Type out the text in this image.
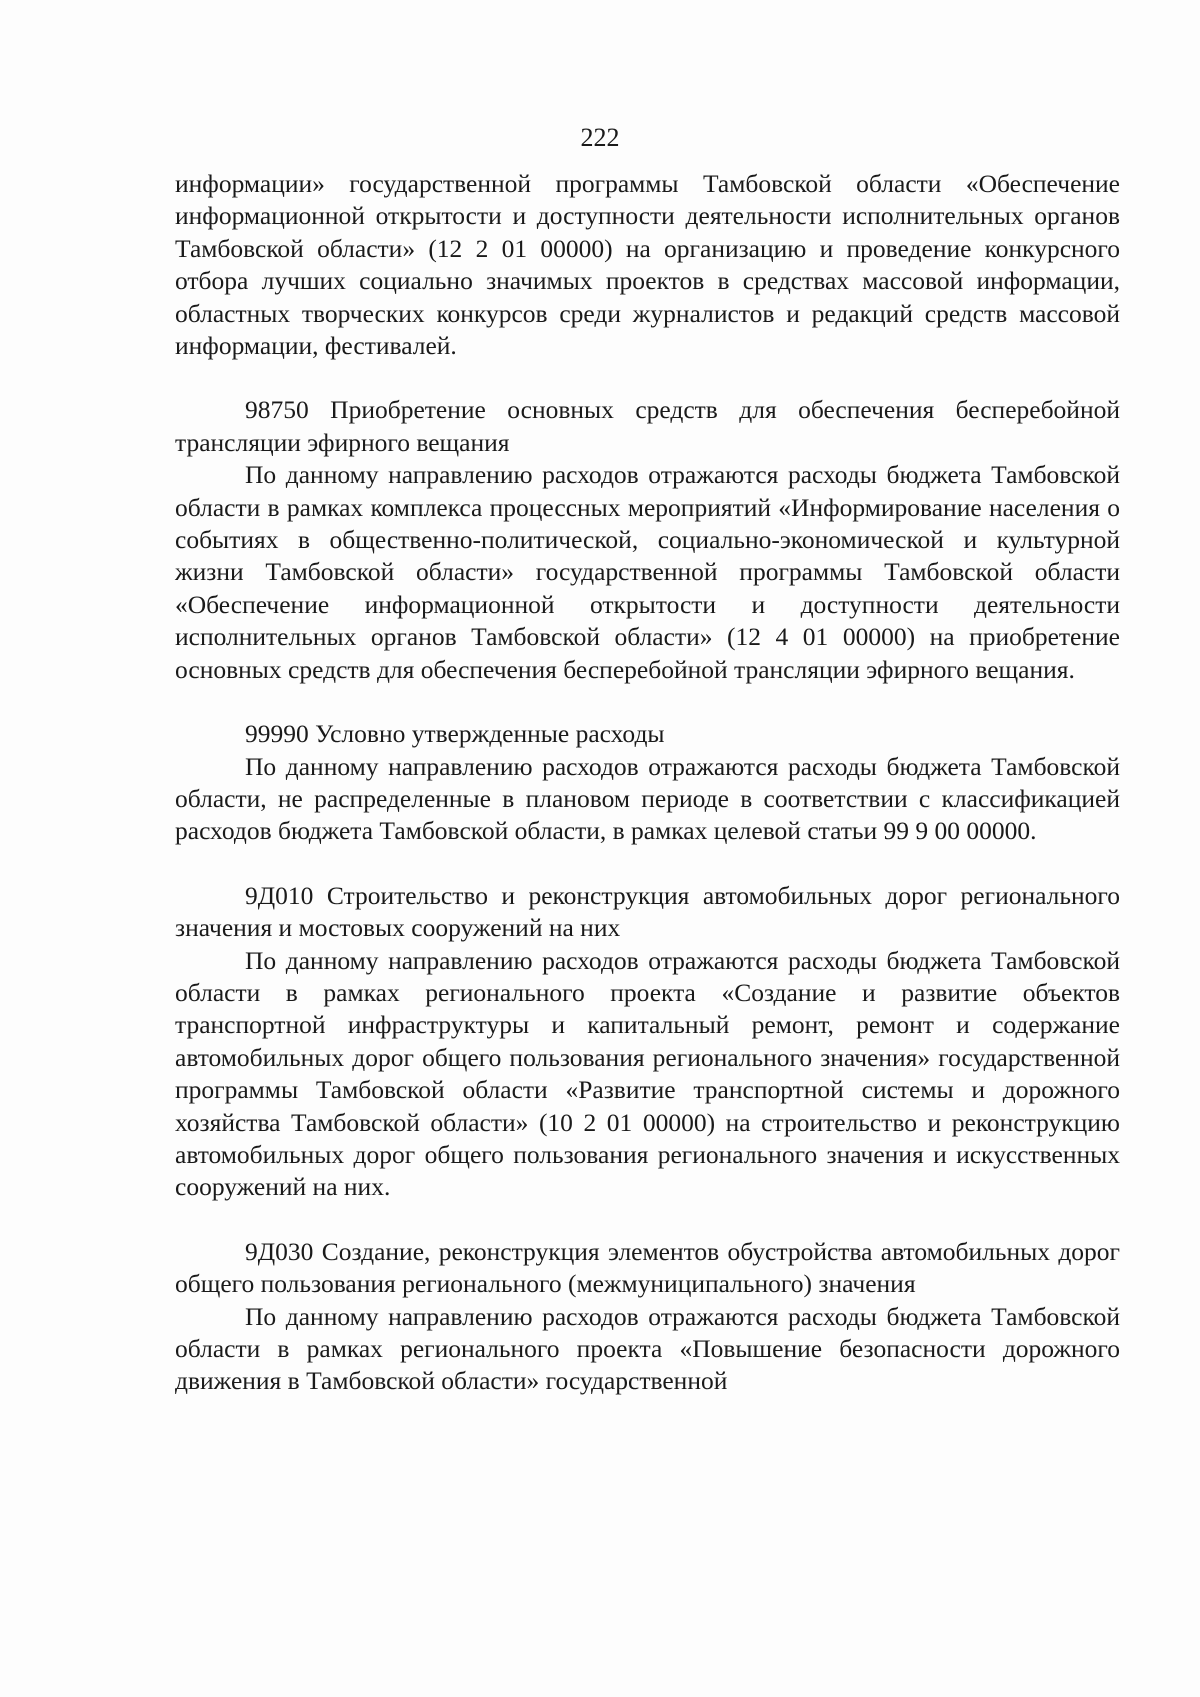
222

информации» государственной программы Тамбовской области «Обеспечение информационной открытости и доступности деятельности исполнительных органов Тамбовской области» (12 2 01 00000) на организацию и проведение конкурсного отбора лучших социально значимых проектов в средствах массовой информации, областных творческих конкурсов среди журналистов и редакций средств массовой информации, фестивалей.

98750 Приобретение основных средств для обеспечения бесперебойной трансляции эфирного вещания

По данному направлению расходов отражаются расходы бюджета Тамбовской области в рамках комплекса процессных мероприятий «Информирование населения о событиях в общественно-политической, социально-экономической и культурной жизни Тамбовской области» государственной программы Тамбовской области «Обеспечение информационной открытости и доступности деятельности исполнительных органов Тамбовской области» (12 4 01 00000) на приобретение основных средств для обеспечения бесперебойной трансляции эфирного вещания.

99990 Условно утвержденные расходы

По данному направлению расходов отражаются расходы бюджета Тамбовской области, не распределенные в плановом периоде в соответствии с классификацией расходов бюджета Тамбовской области, в рамках целевой статьи 99 9 00 00000.

9Д010 Строительство и реконструкция автомобильных дорог регионального значения и мостовых сооружений на них

По данному направлению расходов отражаются расходы бюджета Тамбовской области в рамках регионального проекта «Создание и развитие объектов транспортной инфраструктуры и капитальный ремонт, ремонт и содержание автомобильных дорог общего пользования регионального значения» государственной программы Тамбовской области «Развитие транспортной системы и дорожного хозяйства Тамбовской области» (10 2 01 00000) на строительство и реконструкцию автомобильных дорог общего пользования регионального значения и искусственных сооружений на них.

9Д030 Создание, реконструкция элементов обустройства автомобильных дорог общего пользования регионального (межмуниципального) значения

По данному направлению расходов отражаются расходы бюджета Тамбовской области в рамках регионального проекта «Повышение безопасности дорожного движения в Тамбовской области» государственной
